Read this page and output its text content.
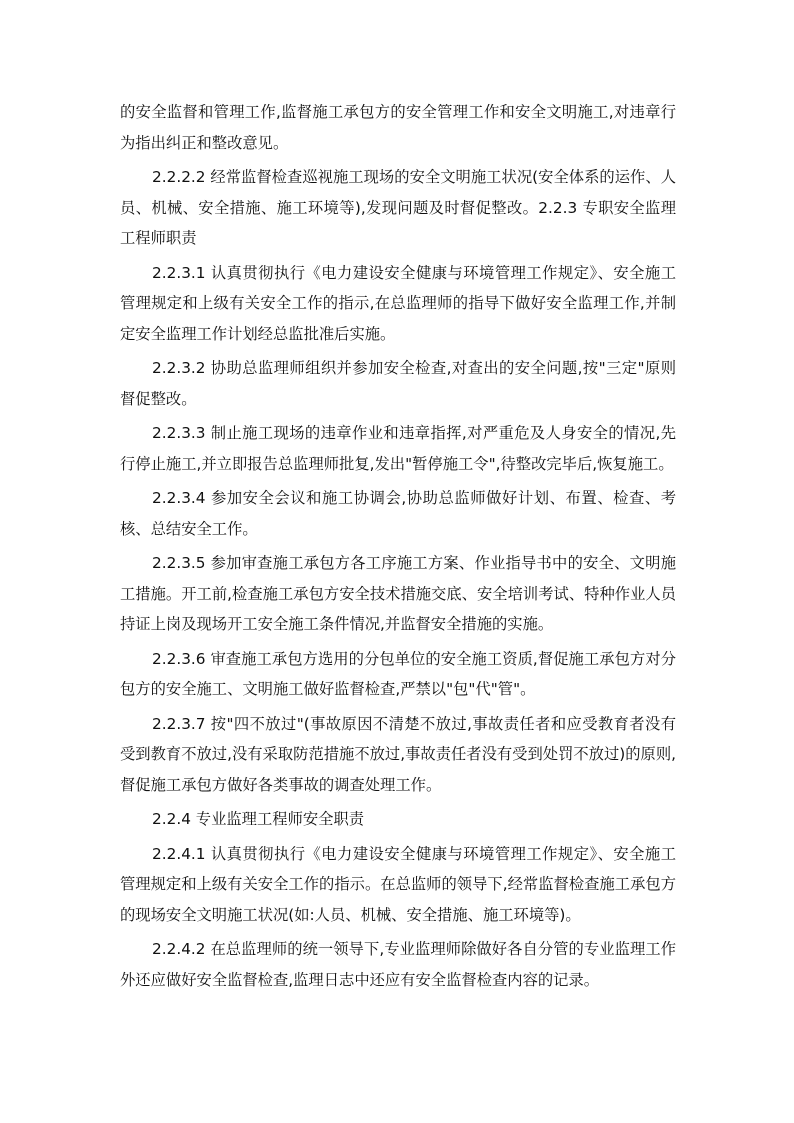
的安全监督和管理工作,监督施工承包方的安全管理工作和安全文明施工,对违章行为指出纠正和整改意见。

2.2.2.2 经常监督检查巡视施工现场的安全文明施工状况(安全体系的运作、人员、机械、安全措施、施工环境等),发现问题及时督促整改。2.2.3 专职安全监理工程师职责

2.2.3.1 认真贯彻执行《电力建设安全健康与环境管理工作规定》、安全施工管理规定和上级有关安全工作的指示,在总监理师的指导下做好安全监理工作,并制定安全监理工作计划经总监批准后实施。

2.2.3.2 协助总监理师组织并参加安全检查,对查出的安全问题,按"三定"原则督促整改。

2.2.3.3 制止施工现场的违章作业和违章指挥,对严重危及人身安全的情况,先行停止施工,并立即报告总监理师批复,发出"暂停施工令",待整改完毕后,恢复施工。

2.2.3.4 参加安全会议和施工协调会,协助总监师做好计划、布置、检查、考核、总结安全工作。

2.2.3.5 参加审查施工承包方各工序施工方案、作业指导书中的安全、文明施工措施。开工前,检查施工承包方安全技术措施交底、安全培训考试、特种作业人员持证上岗及现场开工安全施工条件情况,并监督安全措施的实施。

2.2.3.6 审查施工承包方选用的分包单位的安全施工资质,督促施工承包方对分包方的安全施工、文明施工做好监督检查,严禁以"包"代"管"。

2.2.3.7 按"四不放过"(事故原因不清楚不放过,事故责任者和应受教育者没有受到教育不放过,没有采取防范措施不放过,事故责任者没有受到处罚不放过)的原则,督促施工承包方做好各类事故的调查处理工作。

2.2.4 专业监理工程师安全职责

2.2.4.1 认真贯彻执行《电力建设安全健康与环境管理工作规定》、安全施工管理规定和上级有关安全工作的指示。在总监师的领导下,经常监督检查施工承包方的现场安全文明施工状况(如:人员、机械、安全措施、施工环境等)。

2.2.4.2 在总监理师的统一领导下,专业监理师除做好各自分管的专业监理工作外还应做好安全监督检查,监理日志中还应有安全监督检查内容的记录。
